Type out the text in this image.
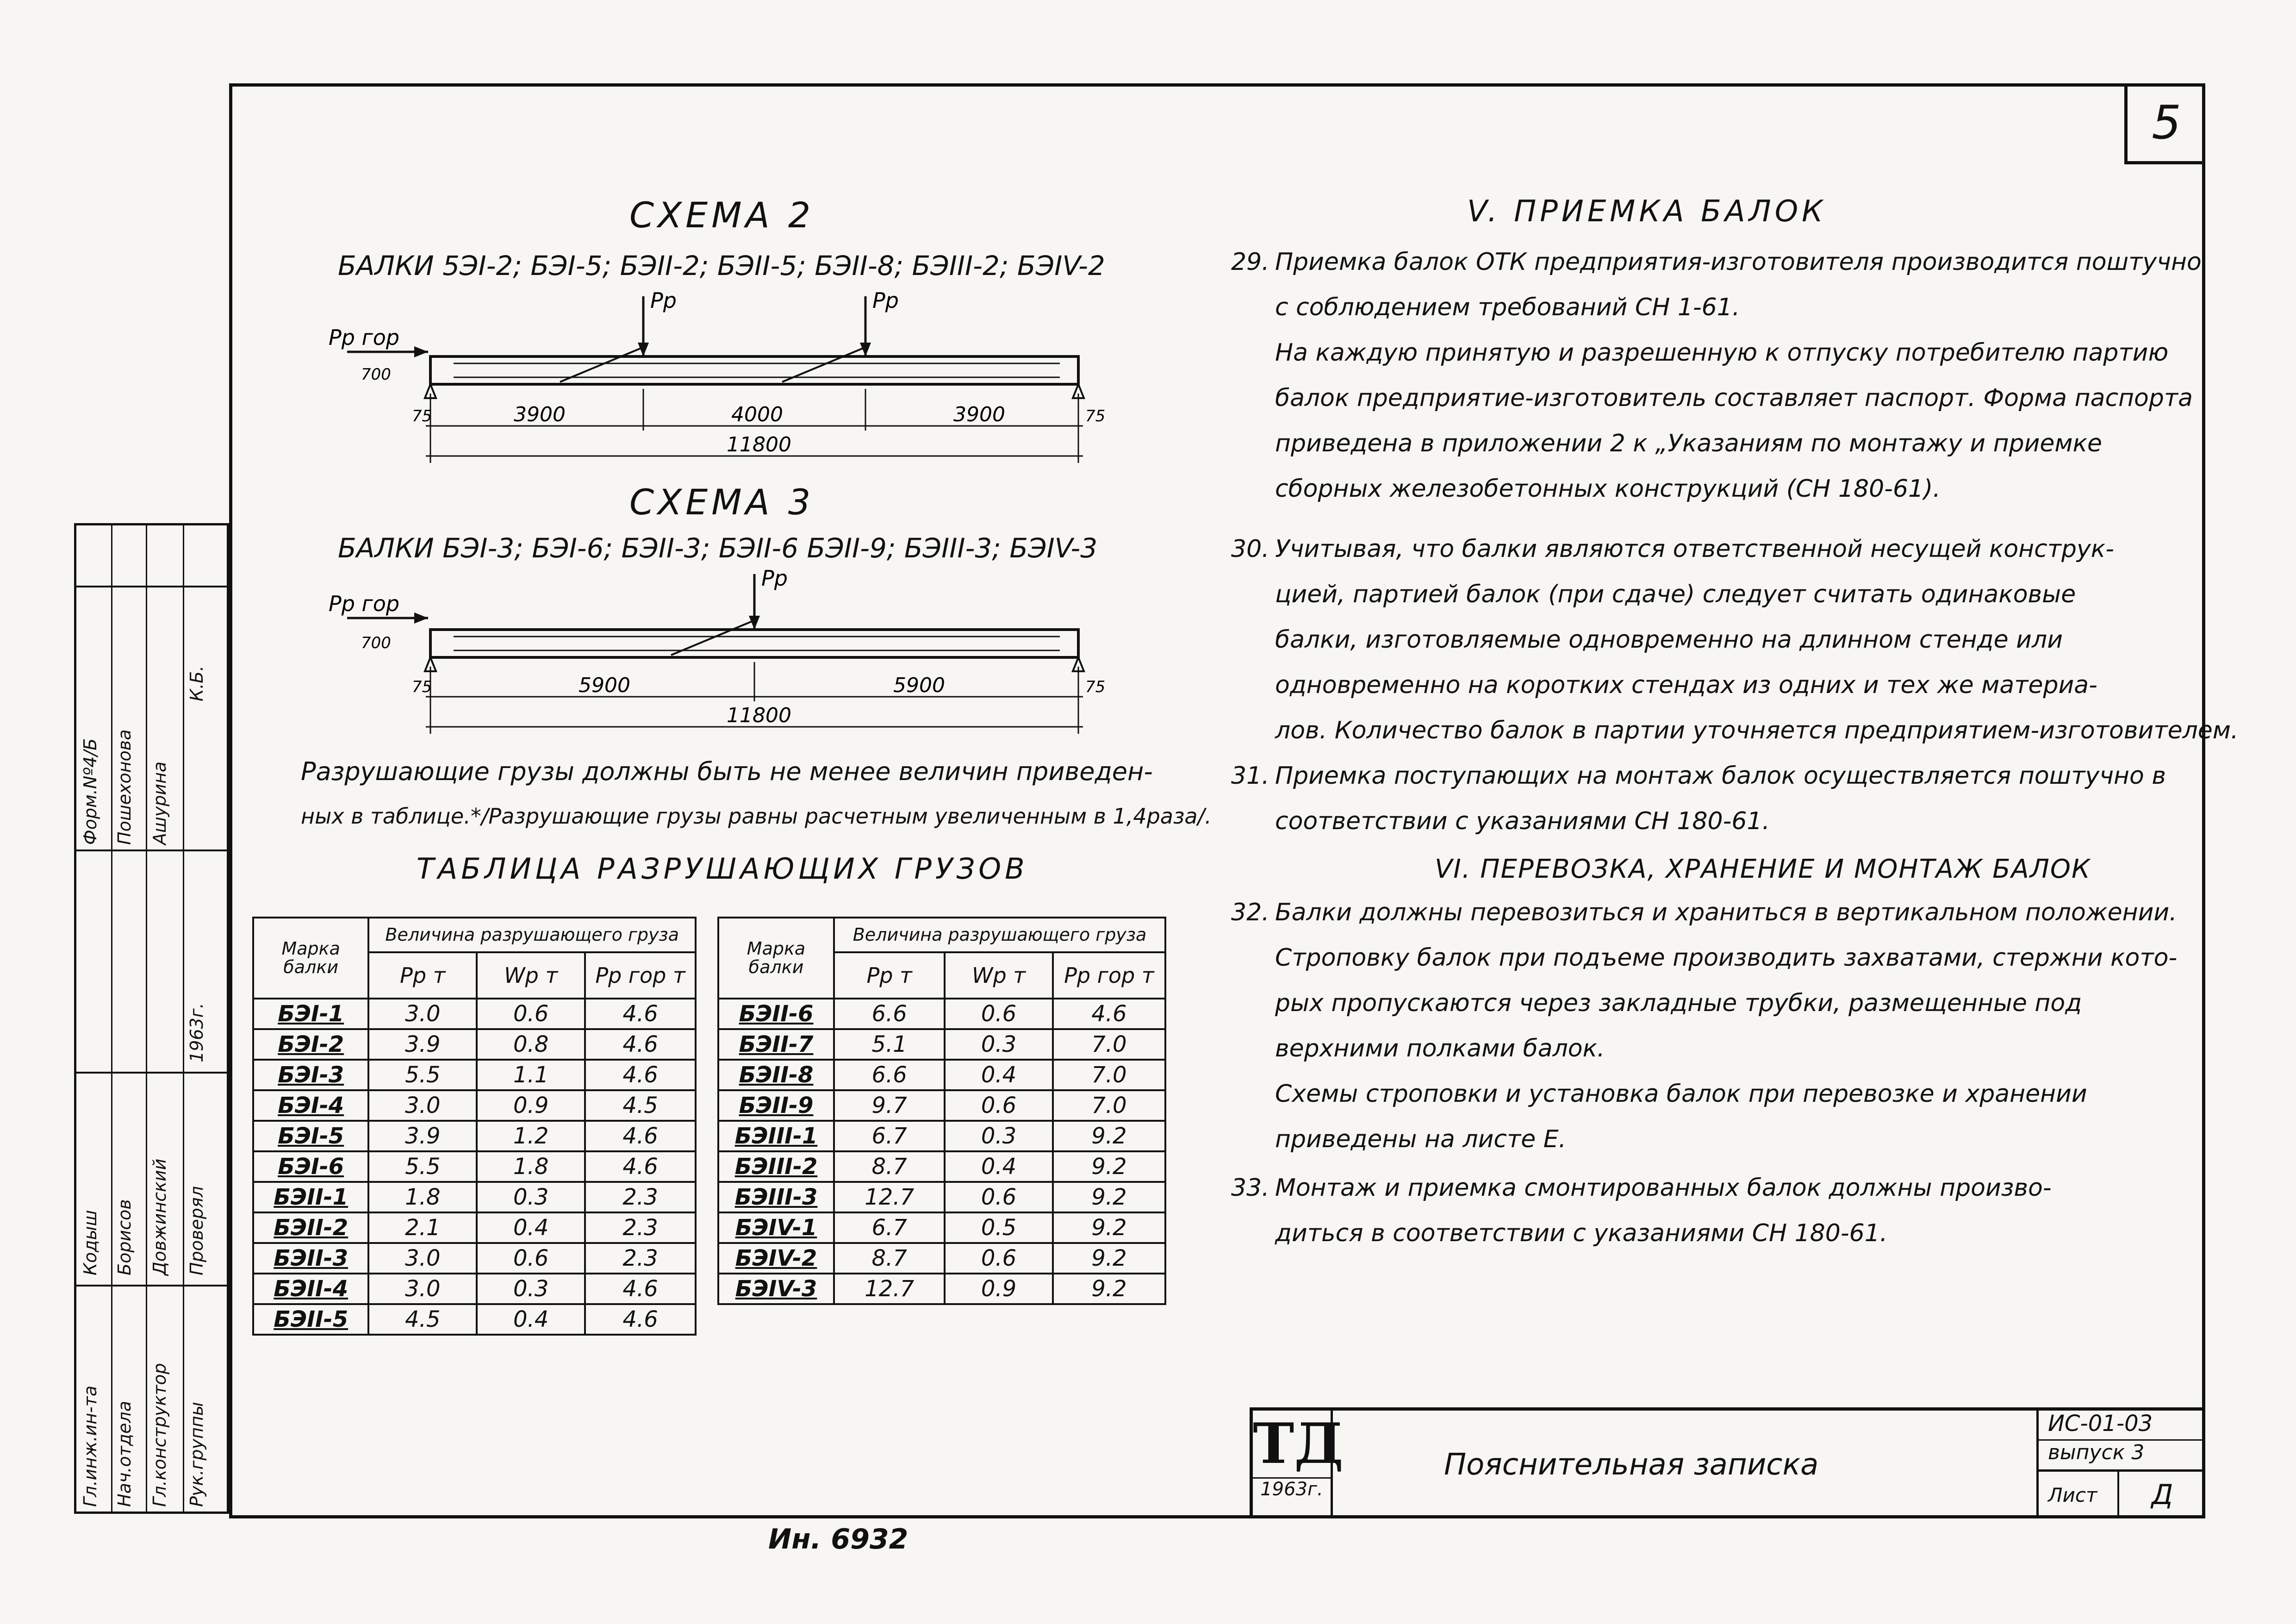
5
Гл.инж.ин-та Нач.отдела Гл.конструктор Рук.группы
Кодыш Борисов Довжинский Проверял
1963г.
Форм.Nº4/Б Пошехонова Ашурина
К.Б.
СХЕМА 2
БАЛКИ 5ЭI-2; БЭI-5; БЭII-2; БЭII-5; БЭII-8; БЭIII-2; БЭIV-2
Рp гор
Рp	Рp
700
75	75
3900	4000	3900
11800
СХЕМА 3
БАЛКИ БЭI-3; БЭI-6; БЭII-3; БЭII-6 БЭII-9; БЭIII-3; БЭIV-3
Рp гор
Рp
700
75	75
5900	5900
11800
Разрушающие грузы должны быть не менее величин приведен-
ных в таблице.*/Разрушающие грузы равны расчетным увеличенным в 1,4раза/.
ТАБЛИЦА РАЗРУШАЮЩИХ ГРУЗОВ
Марка балки	Величина разрушающего груза		
	Рр т	Wр т	Рр гор т
БЭI-1	3.0	0.6	4.6
БЭI-2	3.9	0.8	4.6
БЭI-3	5.5	1.1	4.6
БЭI-4	3.0	0.9	4.5
БЭI-5	3.9	1.2	4.6
БЭI-6	5.5	1.8	4.6
БЭII-1	1.8	0.3	2.3
БЭII-2	2.1	0.4	2.3
БЭII-3	3.0	0.6	2.3
БЭII-4	3.0	0.3	4.6
БЭII-5	4.5	0.4	4.6
Марка балки	Величина разрушающего груза		
	Рр т	Wр т	Рр гор т
БЭII-6	6.6	0.6	4.6
БЭII-7	5.1	0.3	7.0
БЭII-8	6.6	0.4	7.0
БЭII-9	9.7	0.6	7.0
БЭIII-1	6.7	0.3	9.2
БЭIII-2	8.7	0.4	9.2
БЭIII-3	12.7	0.6	9.2
БЭIV-1	6.7	0.5	9.2
БЭIV-2	8.7	0.6	9.2
БЭIV-3	12.7	0.9	9.2
V. ПРИЕМКА БАЛОК
29. Приемка балок ОТК предприятия-изготовителя производится поштучно
с соблюдением требований СН 1-61.
На каждую принятую и разрешенную к отпуску потребителю партию
балок предприятие-изготовитель составляет паспорт. Форма паспорта
приведена в приложении 2 к „Указаниям по монтажу и приемке
сборных железобетонных конструкций (СН 180-61).
30. Учитывая, что балки являются ответственной несущей конструк-
цией, партией балок (при сдаче) следует считать одинаковые
балки, изготовляемые одновременно на длинном стенде или
одновременно на коротких стендах из одних и тех же материа-
лов. Количество балок в партии уточняется предприятием-изготовителем.
31. Приемка поступающих на монтаж балок осуществляется поштучно в
соответствии с указаниями СН 180-61.
VI. ПЕРЕВОЗКА, ХРАНЕНИЕ И МОНТАЖ БАЛОК
32. Балки должны перевозиться и храниться в вертикальном положении.
Строповку балок при подъеме производить захватами, стержни кото-
рых пропускаются через закладные трубки, размещенные под
верхними полками балок.
Схемы строповки и установка балок при перевозке и хранении
приведены на листе Е.
33. Монтаж и приемка смонтированных балок должны произво-
диться в соответствии с указаниями СН 180-61.
ТД
1963г.
Пояснительная записка
ИС-01-03
выпуск 3
Лист	Д
Ин. 6932
